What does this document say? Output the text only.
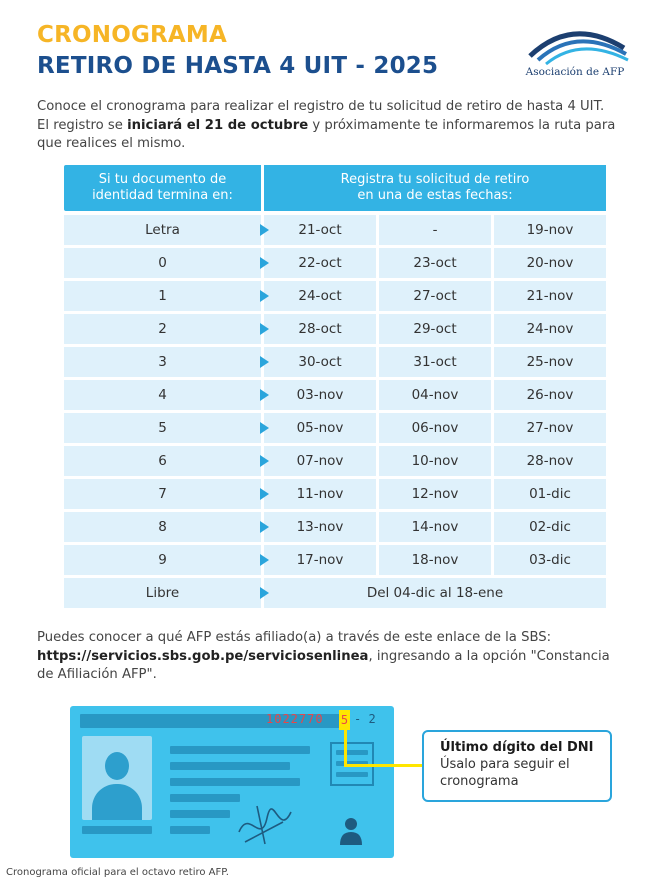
CRONOGRAMA
RETIRO DE HASTA 4 UIT - 2025	Asociación de AFP

Conoce el cronograma para realizar el registro de tu solicitud de retiro de hasta 4 UIT. El registro se iniciará el 21 de octubre y próximamente te informaremos la ruta para que realices el mismo.

Si tu documento de
identidad termina en:
Registra tu solicitud de retiro
en una de estas fechas:
Letra	21-oct	-	19-nov
0	22-oct	23-oct	20-nov
1	24-oct	27-oct	21-nov
2	28-oct	29-oct	24-nov
3	30-oct	31-oct	25-nov
4	03-nov	04-nov	26-nov
5	05-nov	06-nov	27-nov
6	07-nov	10-nov	28-nov
7	11-nov	12-nov	01-dic
8	13-nov	14-nov	02-dic
9	17-nov	18-nov	03-dic
Libre	Del 04-dic al 18-ene

Puedes conocer a qué AFP estás afiliado(a) a través de este enlace de la SBS: https://servicios.sbs.gob.pe/serviciosenlinea, ingresando a la opción "Constancia de Afiliación AFP".

1022770 5 - 2
Último dígito del DNI
Úsalo para seguir el
cronograma
Cronograma oficial para el octavo retiro AFP.
